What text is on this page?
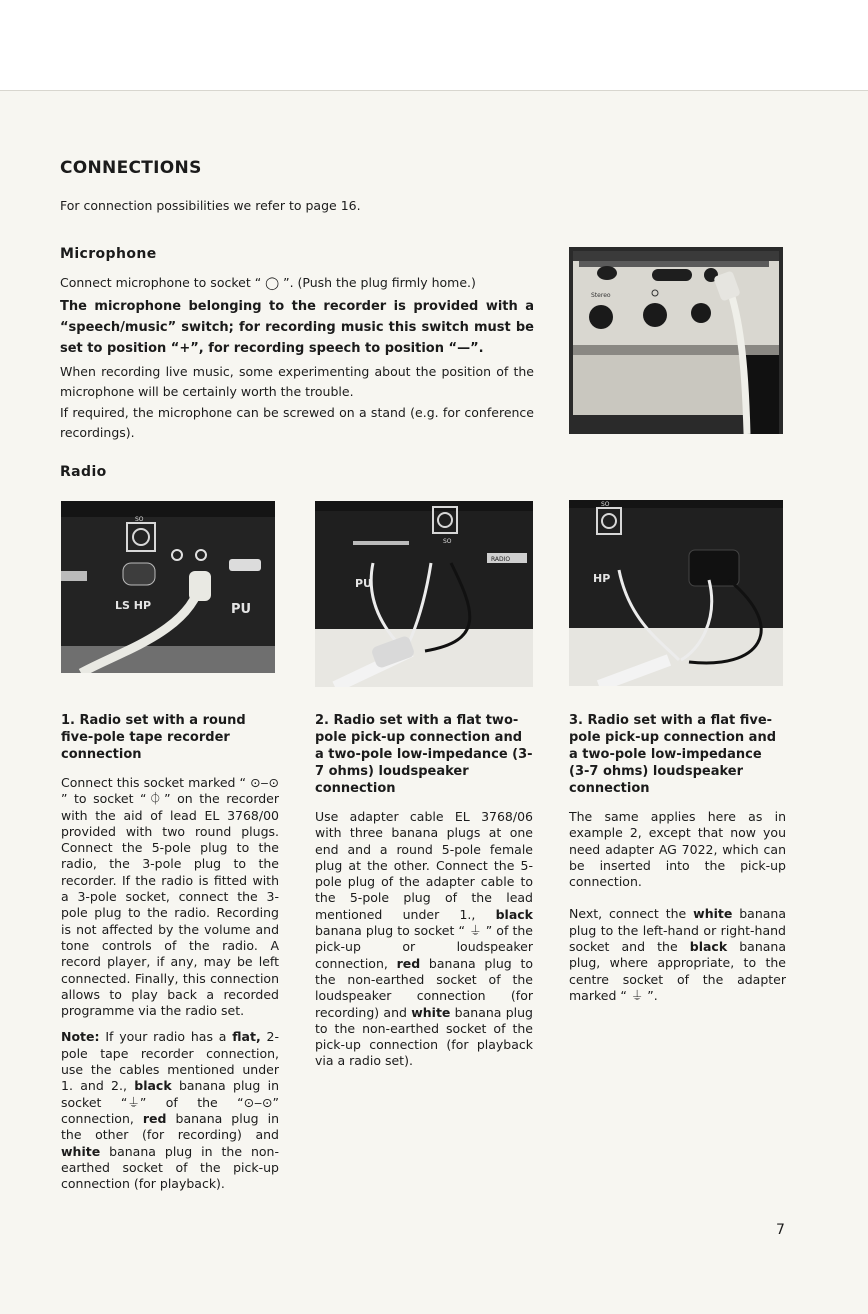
CONNECTIONS
For connection possibilities we refer to page 16.
Microphone

Connect microphone to socket “ ◯ ”. (Push the plug firmly home.)

The microphone belonging to the recorder is provided with a “speech/music” switch; for recording music this switch must be set to position “+”, for recording speech to position “—”.

When recording live music, some experimenting about the position of the microphone will be certainly worth the trouble.

If required, the microphone can be screwed on a stand (e.g. for conference recordings).

Stereo
Radio
SO
LS HP	PU
SO
PU
RADIO
SO
HP
1. Radio set with a round five-pole tape recorder connection

Connect this socket marked “ ⊙‒⊙ ” to socket “⏀” on the recorder with the aid of lead EL 3768/00 provided with two round plugs. Connect the 5-pole plug to the radio, the 3-pole plug to the recorder. If the radio is fitted with a 3-pole socket, connect the 3-pole plug to the radio. Recording is not affected by the volume and tone controls of the radio. A record player, if any, may be left connected. Finally, this connection allows to play back a recorded programme via the radio set.

Note: If your radio has a flat, 2-pole tape recorder connection, use the cables mentioned under 1. and 2., black banana plug in socket “⏚” of the “⊙‒⊙” connection, red banana plug in the other (for recording) and white banana plug in the non-earthed socket of the pick-up connection (for playback).

2. Radio set with a flat two-pole pick-up connection and a two-pole low-impedance (3-7 ohms) loudspeaker connection

Use adapter cable EL 3768/06 with three banana plugs at one end and a round 5-pole female plug at the other. Connect the 5-pole plug of the adapter cable to the 5-pole plug of the lead mentioned under 1., black banana plug to socket “ ⏚ ” of the pick-up or loudspeaker connection, red banana plug to the non-earthed socket of the loudspeaker connection (for recording) and white banana plug to the non-earthed socket of the pick-up connection (for playback via a radio set).

3. Radio set with a flat five-pole pick-up connection and a two-pole low-impedance (3-7 ohms) loudspeaker connection

The same applies here as in example 2, except that now you need adapter AG 7022, which can be inserted into the pick-up connection.

Next, connect the white banana plug to the left-hand or right-hand socket and the black banana plug, where appropriate, to the centre socket of the adapter marked “ ⏚ ”.

7
